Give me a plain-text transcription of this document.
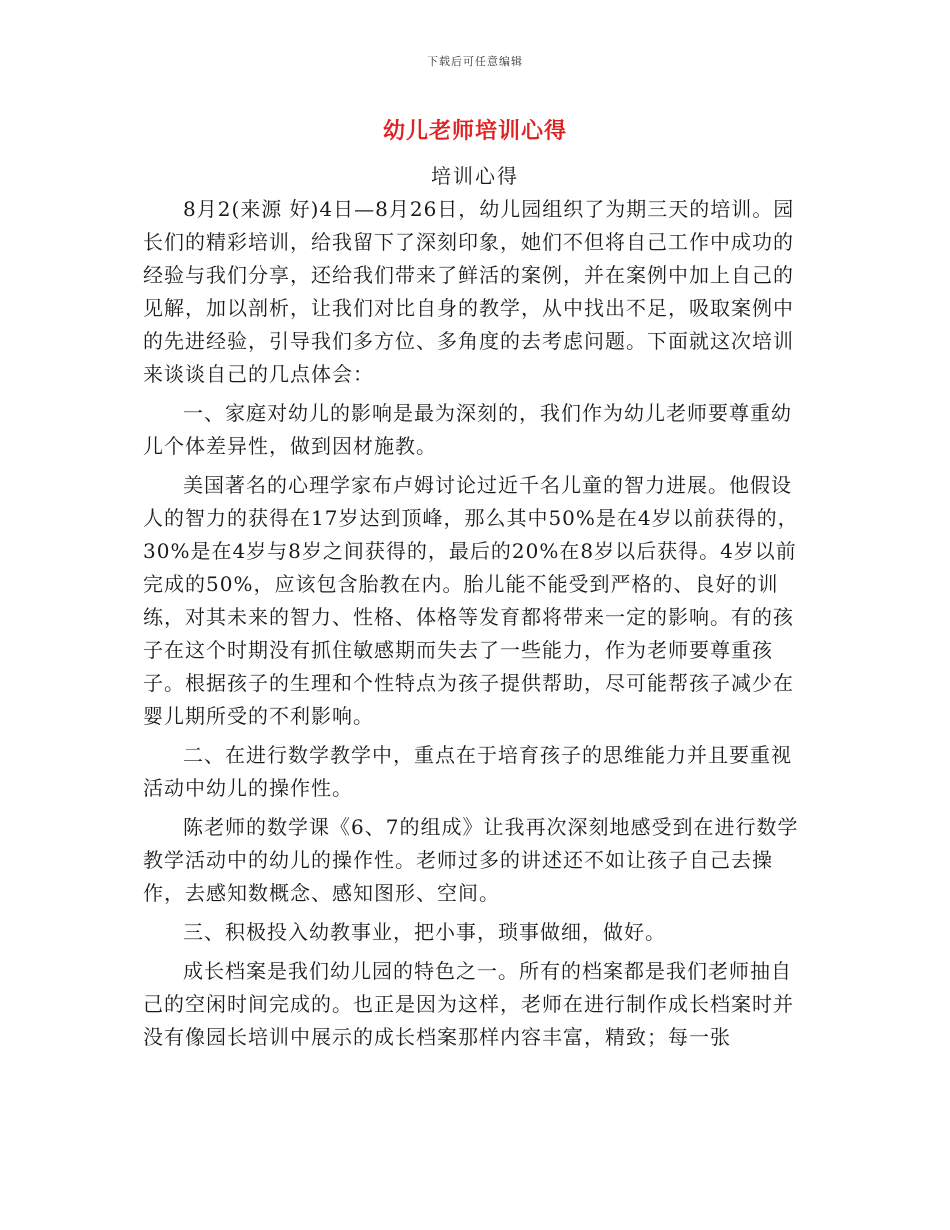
下载后可任意编辑
幼儿老师培训心得
培训心得

8月2(来源 好)4日—8月26日，幼儿园组织了为期三天的培训。园长们的精彩培训，给我留下了深刻印象，她们不但将自己工作中成功的经验与我们分享，还给我们带来了鲜活的案例，并在案例中加上自己的见解，加以剖析，让我们对比自身的教学，从中找出不足，吸取案例中的先进经验，引导我们多方位、多角度的去考虑问题。下面就这次培训来谈谈自己的几点体会：

一、家庭对幼儿的影响是最为深刻的，我们作为幼儿老师要尊重幼儿个体差异性，做到因材施教。

美国著名的心理学家布卢姆讨论过近千名儿童的智力进展。他假设人的智力的获得在17岁达到顶峰，那么其中50%是在4岁以前获得的， 30%是在4岁与8岁之间获得的，最后的20%在8岁以后获得。4岁以前完成的50%，应该包含胎教在内。胎儿能不能受到严格的、良好的训练，对其未来的智力、性格、体格等发育都将带来一定的影响。有的孩子在这个时期没有抓住敏感期而失去了一些能力，作为老师要尊重孩子。根据孩子的生理和个性特点为孩子提供帮助，尽可能帮孩子减少在婴儿期所受的不利影响。

二、在进行数学教学中，重点在于培育孩子的思维能力并且要重视活动中幼儿的操作性。

陈老师的数学课《6、7的组成》让我再次深刻地感受到在进行数学教学活动中的幼儿的操作性。老师过多的讲述还不如让孩子自己去操作，去感知数概念、感知图形、空间。

三、积极投入幼教事业，把小事，琐事做细，做好。

成长档案是我们幼儿园的特色之一。所有的档案都是我们老师抽自己的空闲时间完成的。也正是因为这样，老师在进行制作成长档案时并没有像园长培训中展示的成长档案那样内容丰富，精致；每一张
